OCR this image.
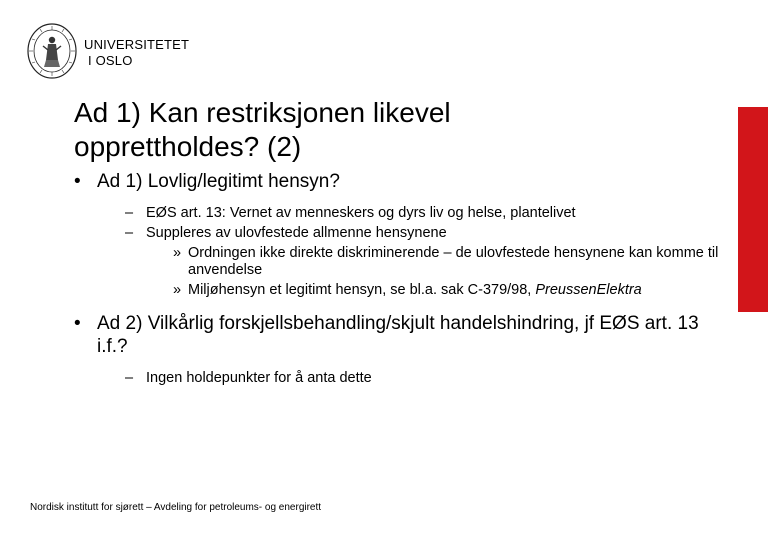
UNIVERSITETET
I OSLO
Ad 1) Kan restriksjonen likevel
opprettholdes? (2)
• Ad 1) Lovlig/legitimt hensyn?
– EØS art. 13: Vernet av menneskers og dyrs liv og helse, plantelivet
– Suppleres av ulovfestede allmenne hensynene
» Ordningen ikke direkte diskriminerende – de ulovfestede hensynene kan komme til anvendelse
» Miljøhensyn et legitimt hensyn, se bl.a. sak C-379/98, PreussenElektra
• Ad 2) Vilkårlig forskjellsbehandling/skjult handelshindring, jf EØS art. 13 i.f.?
– Ingen holdepunkter for å anta dette
Nordisk institutt for sjørett – Avdeling for petroleums- og energirett
